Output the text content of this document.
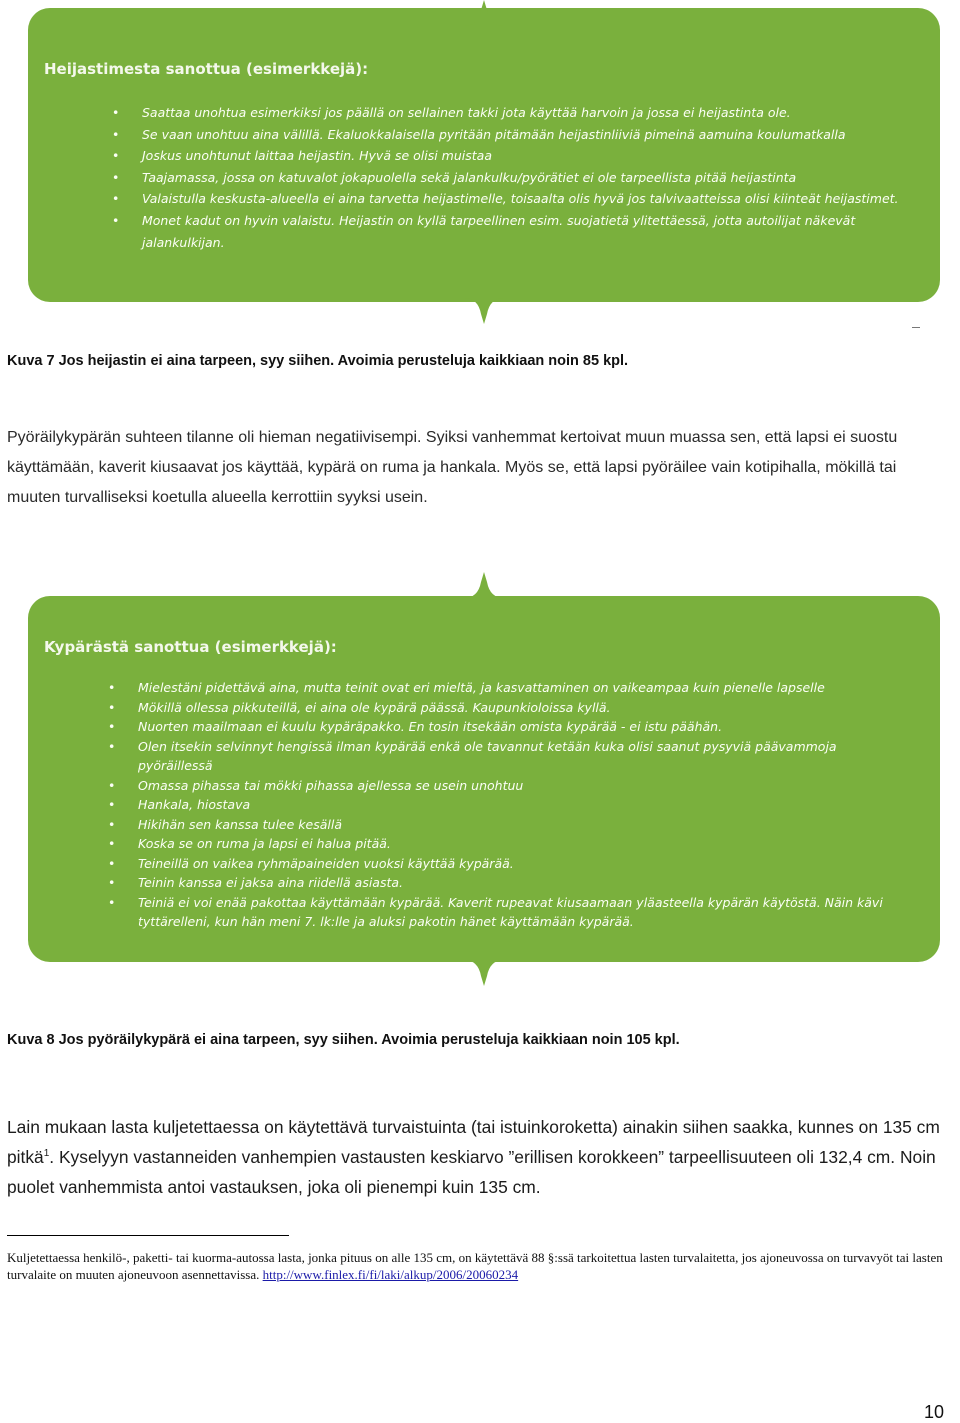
Heijastimesta sanottua (esimerkkejä):
• Saattaa unohtua esimerkiksi jos päällä on sellainen takki jota käyttää harvoin ja jossa ei heijastinta ole.
• Se vaan unohtuu aina välillä. Ekaluokkalaisella pyritään pitämään heijastinliiviä pimeinä aamuina koulumatkalla
• Joskus unohtunut laittaa heijastin. Hyvä se olisi muistaa
• Taajamassa, jossa on katuvalot jokapuolella sekä jalankulku/pyörätiet ei ole tarpeellista pitää heijastinta
• Valaistulla keskusta-alueella ei aina tarvetta heijastimelle, toisaalta olis hyvä jos talvivaatteissa olisi kiinteät heijastimet.
• Monet kadut on hyvin valaistu. Heijastin on kyllä tarpeellinen esim. suojatietä ylitettäessä, jotta autoilijat näkevät jalankulkijan.
Kuva 7 Jos heijastin ei aina tarpeen, syy siihen. Avoimia perusteluja kaikkiaan noin 85 kpl.
Pyöräilykypärän suhteen tilanne oli hieman negatiivisempi. Syiksi vanhemmat kertoivat muun muassa sen, että lapsi ei suostu käyttämään, kaverit kiusaavat jos käyttää, kypärä on ruma ja hankala. Myös se, että lapsi pyöräilee vain kotipihalla, mökillä tai muuten turvalliseksi koetulla alueella kerrottiin syyksi usein.
Kypärästä sanottua (esimerkkejä):
• Mielestäni pidettävä aina, mutta teinit ovat eri mieltä, ja kasvattaminen on vaikeampaa kuin pienelle lapselle
• Mökillä ollessa pikkuteillä, ei aina ole kypärä päässä. Kaupunkioloissa kyllä.
• Nuorten maailmaan ei kuulu kypäräpakko. En tosin itsekään omista kypärää - ei istu päähän.
• Olen itsekin selvinnyt hengissä ilman kypärää enkä ole tavannut ketään kuka olisi saanut pysyviä päävammoja pyöräillessä
• Omassa pihassa tai mökki pihassa ajellessa se usein unohtuu
• Hankala, hiostava
• Hikihän sen kanssa tulee kesällä
• Koska se on ruma ja lapsi ei halua pitää.
• Teineillä on vaikea ryhmäpaineiden vuoksi käyttää kypärää.
• Teinin kanssa ei jaksa aina riidellä asiasta.
• Teiniä ei voi enää pakottaa käyttämään kypärää. Kaverit rupeavat kiusaamaan yläasteella kypärän käytöstä. Näin kävi tyttärelleni, kun hän meni 7. lk:lle ja aluksi pakotin hänet käyttämään kypärää.
Kuva 8 Jos pyöräilykypärä ei aina tarpeen, syy siihen. Avoimia perusteluja kaikkiaan noin 105 kpl.
Lain mukaan lasta kuljetettaessa on käytettävä turvaistuinta (tai istuinkoroketta) ainakin siihen saakka, kunnes on 135 cm pitkä$^1$. Kyselyyn vastanneiden vanhempien vastausten keskiarvo ”erillisen korokkeen” tarpeellisuuteen oli 132,4 cm. Noin puolet vanhemmista antoi vastauksen, joka oli pienempi kuin 135 cm.
Kuljetettaessa henkilö-, paketti- tai kuorma-autossa lasta, jonka pituus on alle 135 cm, on käytettävä 88 §:ssä tarkoitettua lasten turvalaitetta, jos ajoneuvossa on turvavyöt tai lasten turvalaite on muuten ajoneuvoon asennettavissa. http://www.finlex.fi/fi/laki/alkup/2006/20060234
10
